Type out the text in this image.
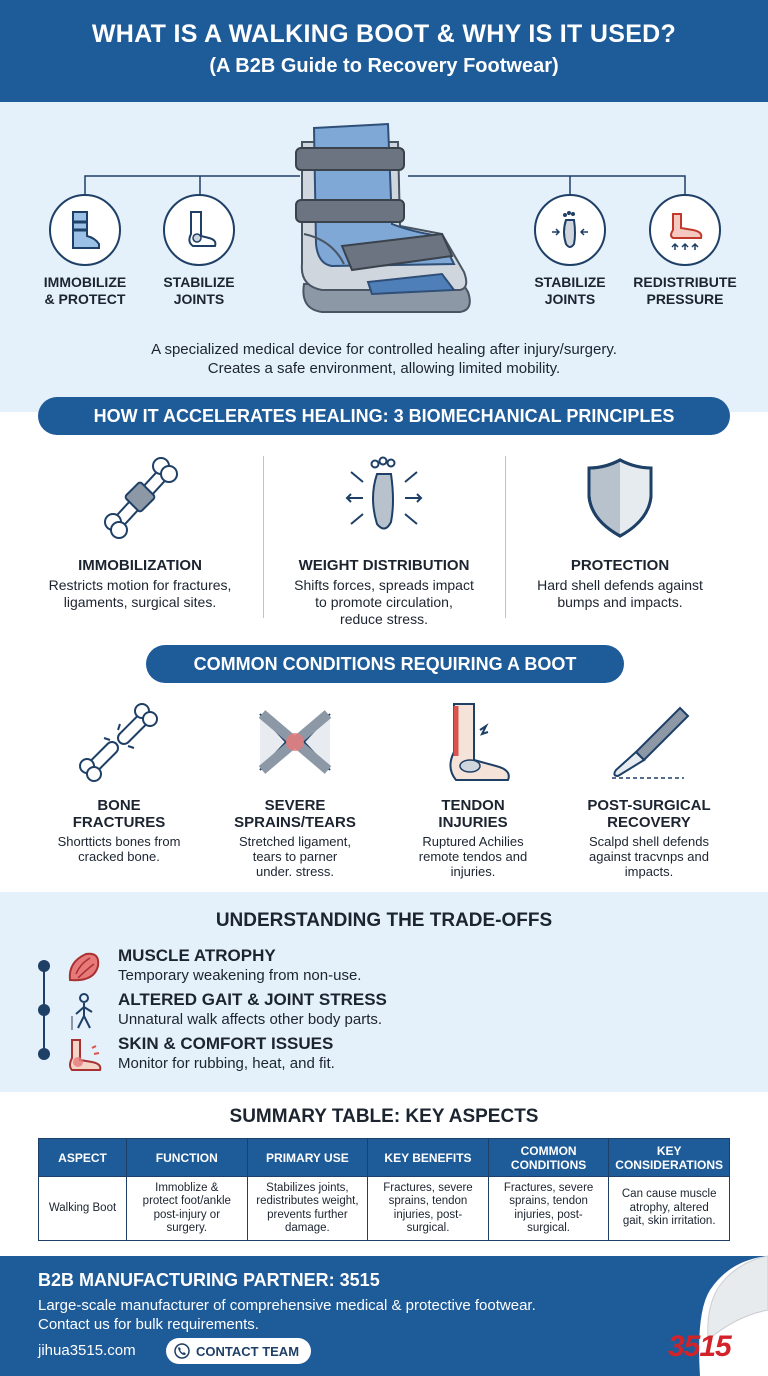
WHAT IS A WALKING BOOT & WHY IS IT USED?
(A B2B Guide to Recovery Footwear)
IMMOBILIZE
& PROTECT
STABILIZE
JOINTS
STABILIZE
JOINTS
REDISTRIBUTE
PRESSURE
A specialized medical device for controlled healing after injury/surgery.
Creates a safe environment, allowing limited mobility.
HOW IT ACCELERATES HEALING: 3 BIOMECHANICAL PRINCIPLES
IMMOBILIZATION
Restricts motion for fractures,
ligaments, surgical sites.
WEIGHT DISTRIBUTION
Shifts forces, spreads impact
to promote circulation,
reduce stress.
PROTECTION
Hard shell defends against
bumps and impacts.
COMMON CONDITIONS REQUIRING A BOOT
BONE
FRACTURES
Shortticts bones from
cracked bone.
SEVERE
SPRAINS/TEARS
Stretched ligament,
tears to parner
under. stress.
TENDON
INJURIES
Ruptured Achilies
remote tendos and
injuries.
POST-SURGICAL
RECOVERY
Scalpd shell defends
against tracvnps and
impacts.
UNDERSTANDING THE TRADE-OFFS
MUSCLE ATROPHY
Temporary weakening from non-use.
ALTERED GAIT & JOINT STRESS
Unnatural walk affects other body parts.
SKIN & COMFORT ISSUES
Monitor for rubbing, heat, and fit.
SUMMARY TABLE: KEY ASPECTS
ASPECT	FUNCTION	PRIMARY USE	KEY BENEFITS	COMMON
CONDITIONS	KEY
CONSIDERATIONS
Walking Boot	Immoblize &
protect foot/ankle
post-injury or
surgery.	Stabilizes joints,
redistributes weight,
prevents further
damage.	Fractures, severe
sprains, tendon
injuries, post-
surgical.	Fractures, severe
sprains, tendon
injuries, post-
surgical.	Can cause muscle
atrophy, altered
gait, skin irritation.
B2B MANUFACTURING PARTNER: 3515
Large-scale manufacturer of comprehensive medical & protective footwear.
Contact us for bulk requirements.
jihua3515.com	CONTACT TEAM	3515
